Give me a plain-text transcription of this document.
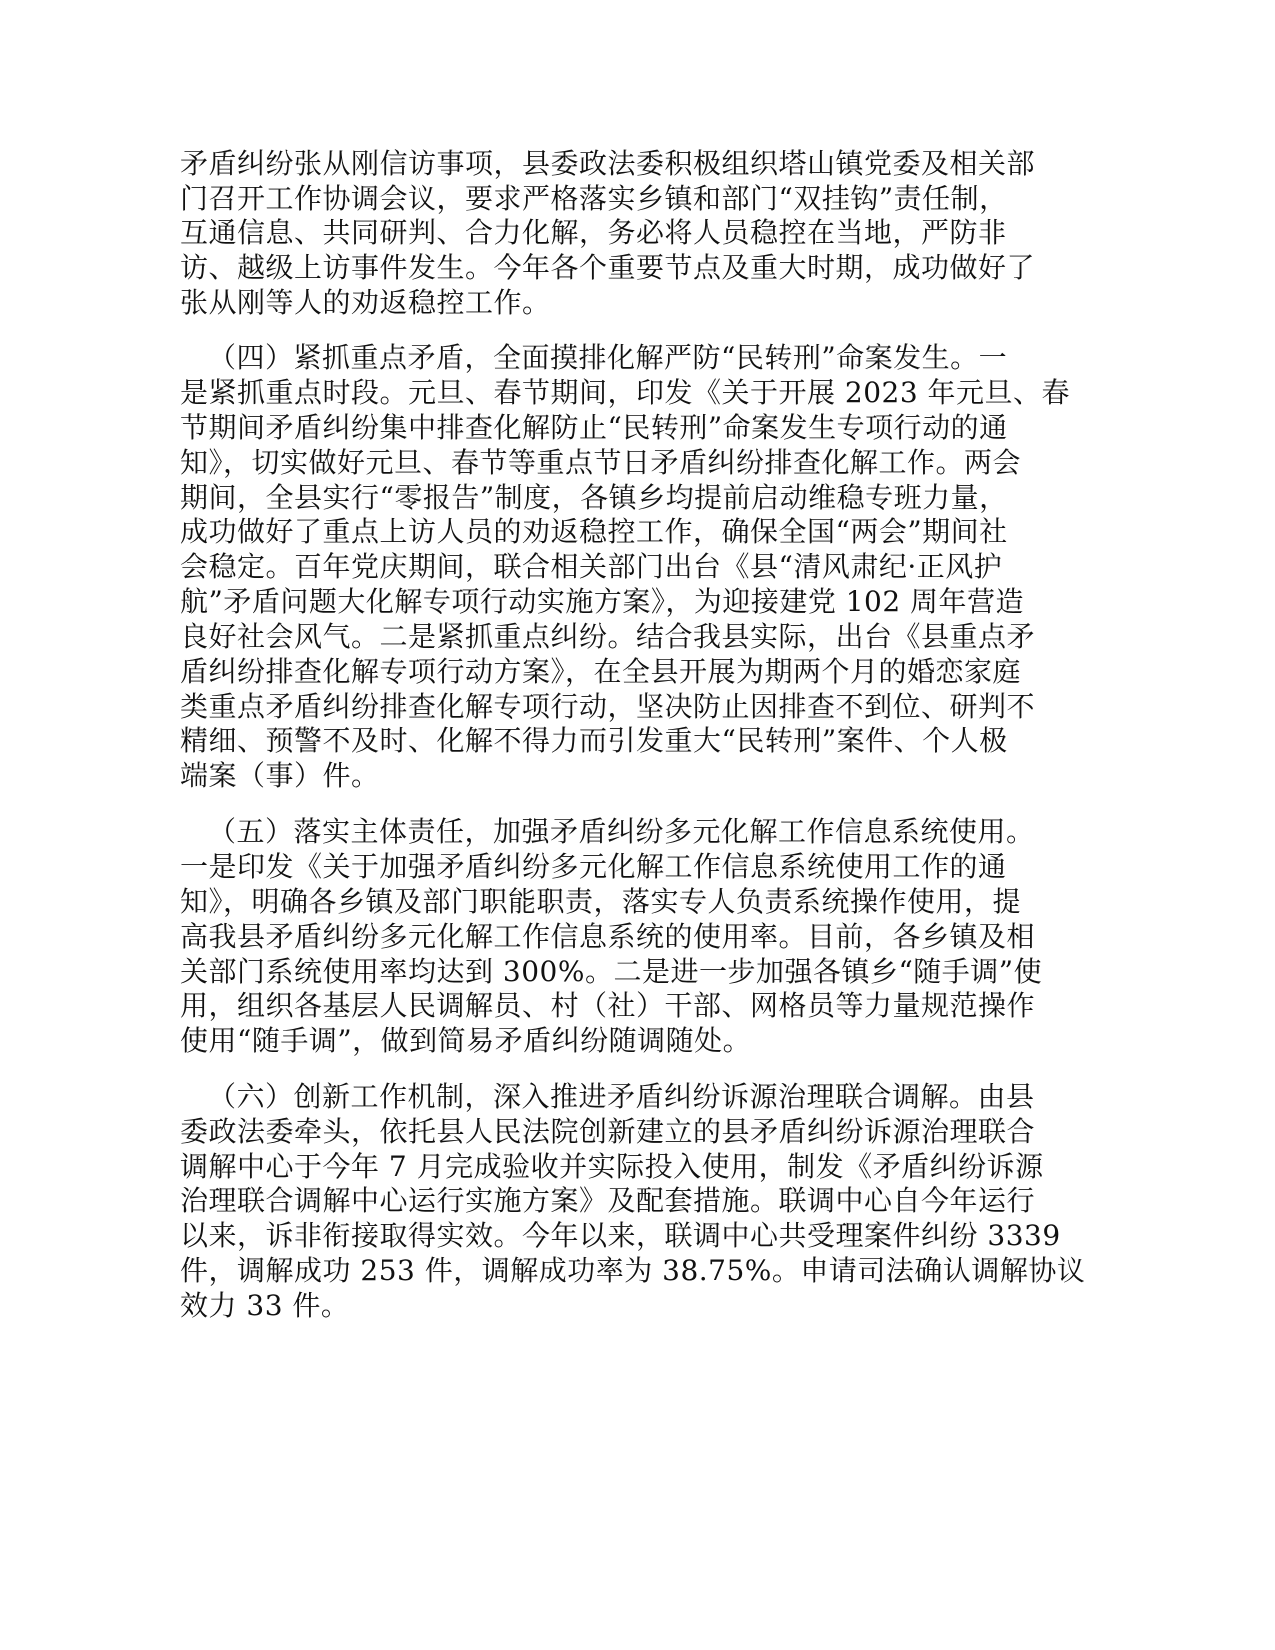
矛盾纠纷张从刚信访事项，县委政法委积极组织塔山镇党委及相关部

门召开工作协调会议，要求严格落实乡镇和部门“双挂钩”责任制，

互通信息、共同研判、合力化解，务必将人员稳控在当地，严防非

访、越级上访事件发生。今年各个重要节点及重大时期，成功做好了

张从刚等人的劝返稳控工作。

（四）紧抓重点矛盾，全面摸排化解严防“民转刑”命案发生。一

是紧抓重点时段。元旦、春节期间，印发《关于开展 2023 年元旦、春

节期间矛盾纠纷集中排查化解防止“民转刑”命案发生专项行动的通

知》，切实做好元旦、春节等重点节日矛盾纠纷排查化解工作。两会

期间，全县实行“零报告”制度，各镇乡均提前启动维稳专班力量，

成功做好了重点上访人员的劝返稳控工作，确保全国“两会”期间社

会稳定。百年党庆期间，联合相关部门出台《县“清风肃纪·正风护

航”矛盾问题大化解专项行动实施方案》，为迎接建党 102 周年营造

良好社会风气。二是紧抓重点纠纷。结合我县实际，出台《县重点矛

盾纠纷排查化解专项行动方案》，在全县开展为期两个月的婚恋家庭

类重点矛盾纠纷排查化解专项行动，坚决防止因排查不到位、研判不

精细、预警不及时、化解不得力而引发重大“民转刑”案件、个人极

端案（事）件。

（五）落实主体责任，加强矛盾纠纷多元化解工作信息系统使用。

一是印发《关于加强矛盾纠纷多元化解工作信息系统使用工作的通

知》，明确各乡镇及部门职能职责，落实专人负责系统操作使用，提

高我县矛盾纠纷多元化解工作信息系统的使用率。目前，各乡镇及相

关部门系统使用率均达到 300%。二是进一步加强各镇乡“随手调”使

用，组织各基层人民调解员、村（社）干部、网格员等力量规范操作

使用“随手调”，做到简易矛盾纠纷随调随处。

（六）创新工作机制，深入推进矛盾纠纷诉源治理联合调解。由县

委政法委牵头，依托县人民法院创新建立的县矛盾纠纷诉源治理联合

调解中心于今年 7 月完成验收并实际投入使用，制发《矛盾纠纷诉源

治理联合调解中心运行实施方案》及配套措施。联调中心自今年运行

以来，诉非衔接取得实效。今年以来，联调中心共受理案件纠纷 3339

件，调解成功 253 件，调解成功率为 38.75%。申请司法确认调解协议

效力 33 件。
